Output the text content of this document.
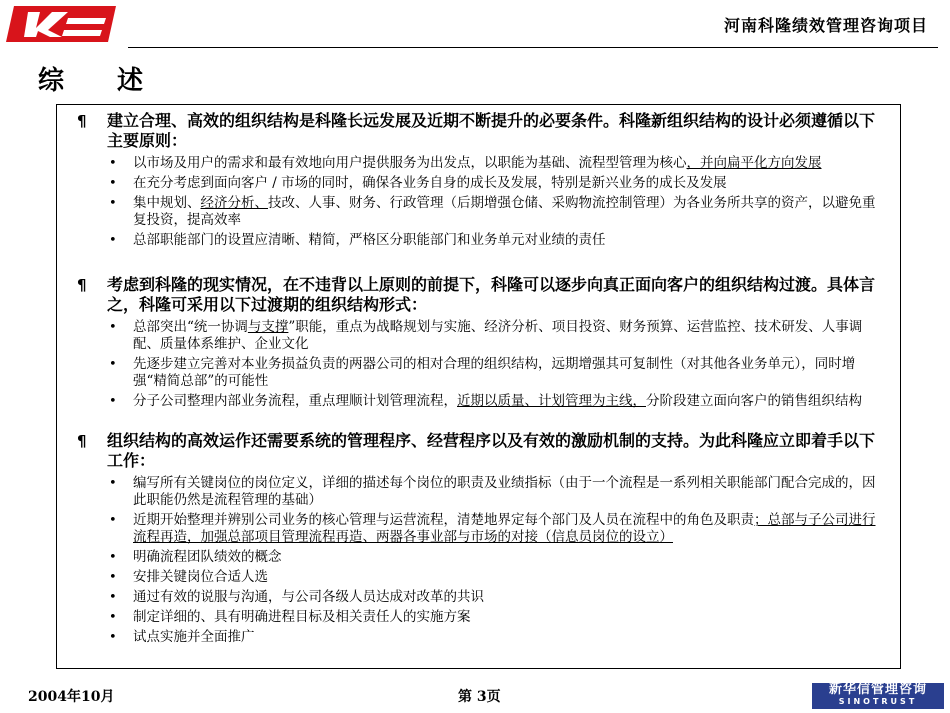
河南科隆绩效管理咨询项目
综 述
¶ 建立合理、高效的组织结构是科隆长远发展及近期不断提升的必要条件。科隆新组织结构的设计必须遵循以下主要原则：
• 以市场及用户的需求和最有效地向用户提供服务为出发点，以职能为基础、流程型管理为核心，并向扁平化方向发展
• 在充分考虑到面向客户 / 市场的同时，确保各业务自身的成长及发展，特别是新兴业务的成长及发展
• 集中规划、经济分析、技改、人事、财务、行政管理（后期增强仓储、采购物流控制管理）为各业务所共享的资产，以避免重复投资，提高效率
• 总部职能部门的设置应清晰、精简，严格区分职能部门和业务单元对业绩的责任
¶ 考虑到科隆的现实情况，在不违背以上原则的前提下，科隆可以逐步向真正面向客户的组织结构过渡。具体言之，科隆可采用以下过渡期的组织结构形式：
• 总部突出“统一协调与支撑”职能，重点为战略规划与实施、经济分析、项目投资、财务预算、运营监控、技术研发、人事调配、质量体系维护、企业文化
• 先逐步建立完善对本业务损益负责的两器公司的相对合理的组织结构，远期增强其可复制性（对其他各业务单元），同时增强“精简总部”的可能性
• 分子公司整理内部业务流程，重点理顺计划管理流程，近期以质量、计划管理为主线，分阶段建立面向客户的销售组织结构
¶ 组织结构的高效运作还需要系统的管理程序、经营程序以及有效的激励机制的支持。为此科隆应立即着手以下工作：
• 编写所有关键岗位的岗位定义，详细的描述每个岗位的职责及业绩指标（由于一个流程是一系列相关职能部门配合完成的，因此职能仍然是流程管理的基础）
• 近期开始整理并辨别公司业务的核心管理与运营流程，清楚地界定每个部门及人员在流程中的角色及职责；总部与子公司进行流程再造，加强总部项目管理流程再造、两器各事业部与市场的对接（信息员岗位的设立）
• 明确流程团队绩效的概念
• 安排关键岗位合适人选
• 通过有效的说服与沟通，与公司各级人员达成对改革的共识
• 制定详细的、具有明确进程目标及相关责任人的实施方案
• 试点实施并全面推广
2004年10月	第 3页	新华信管理咨询
SINOTRUST
